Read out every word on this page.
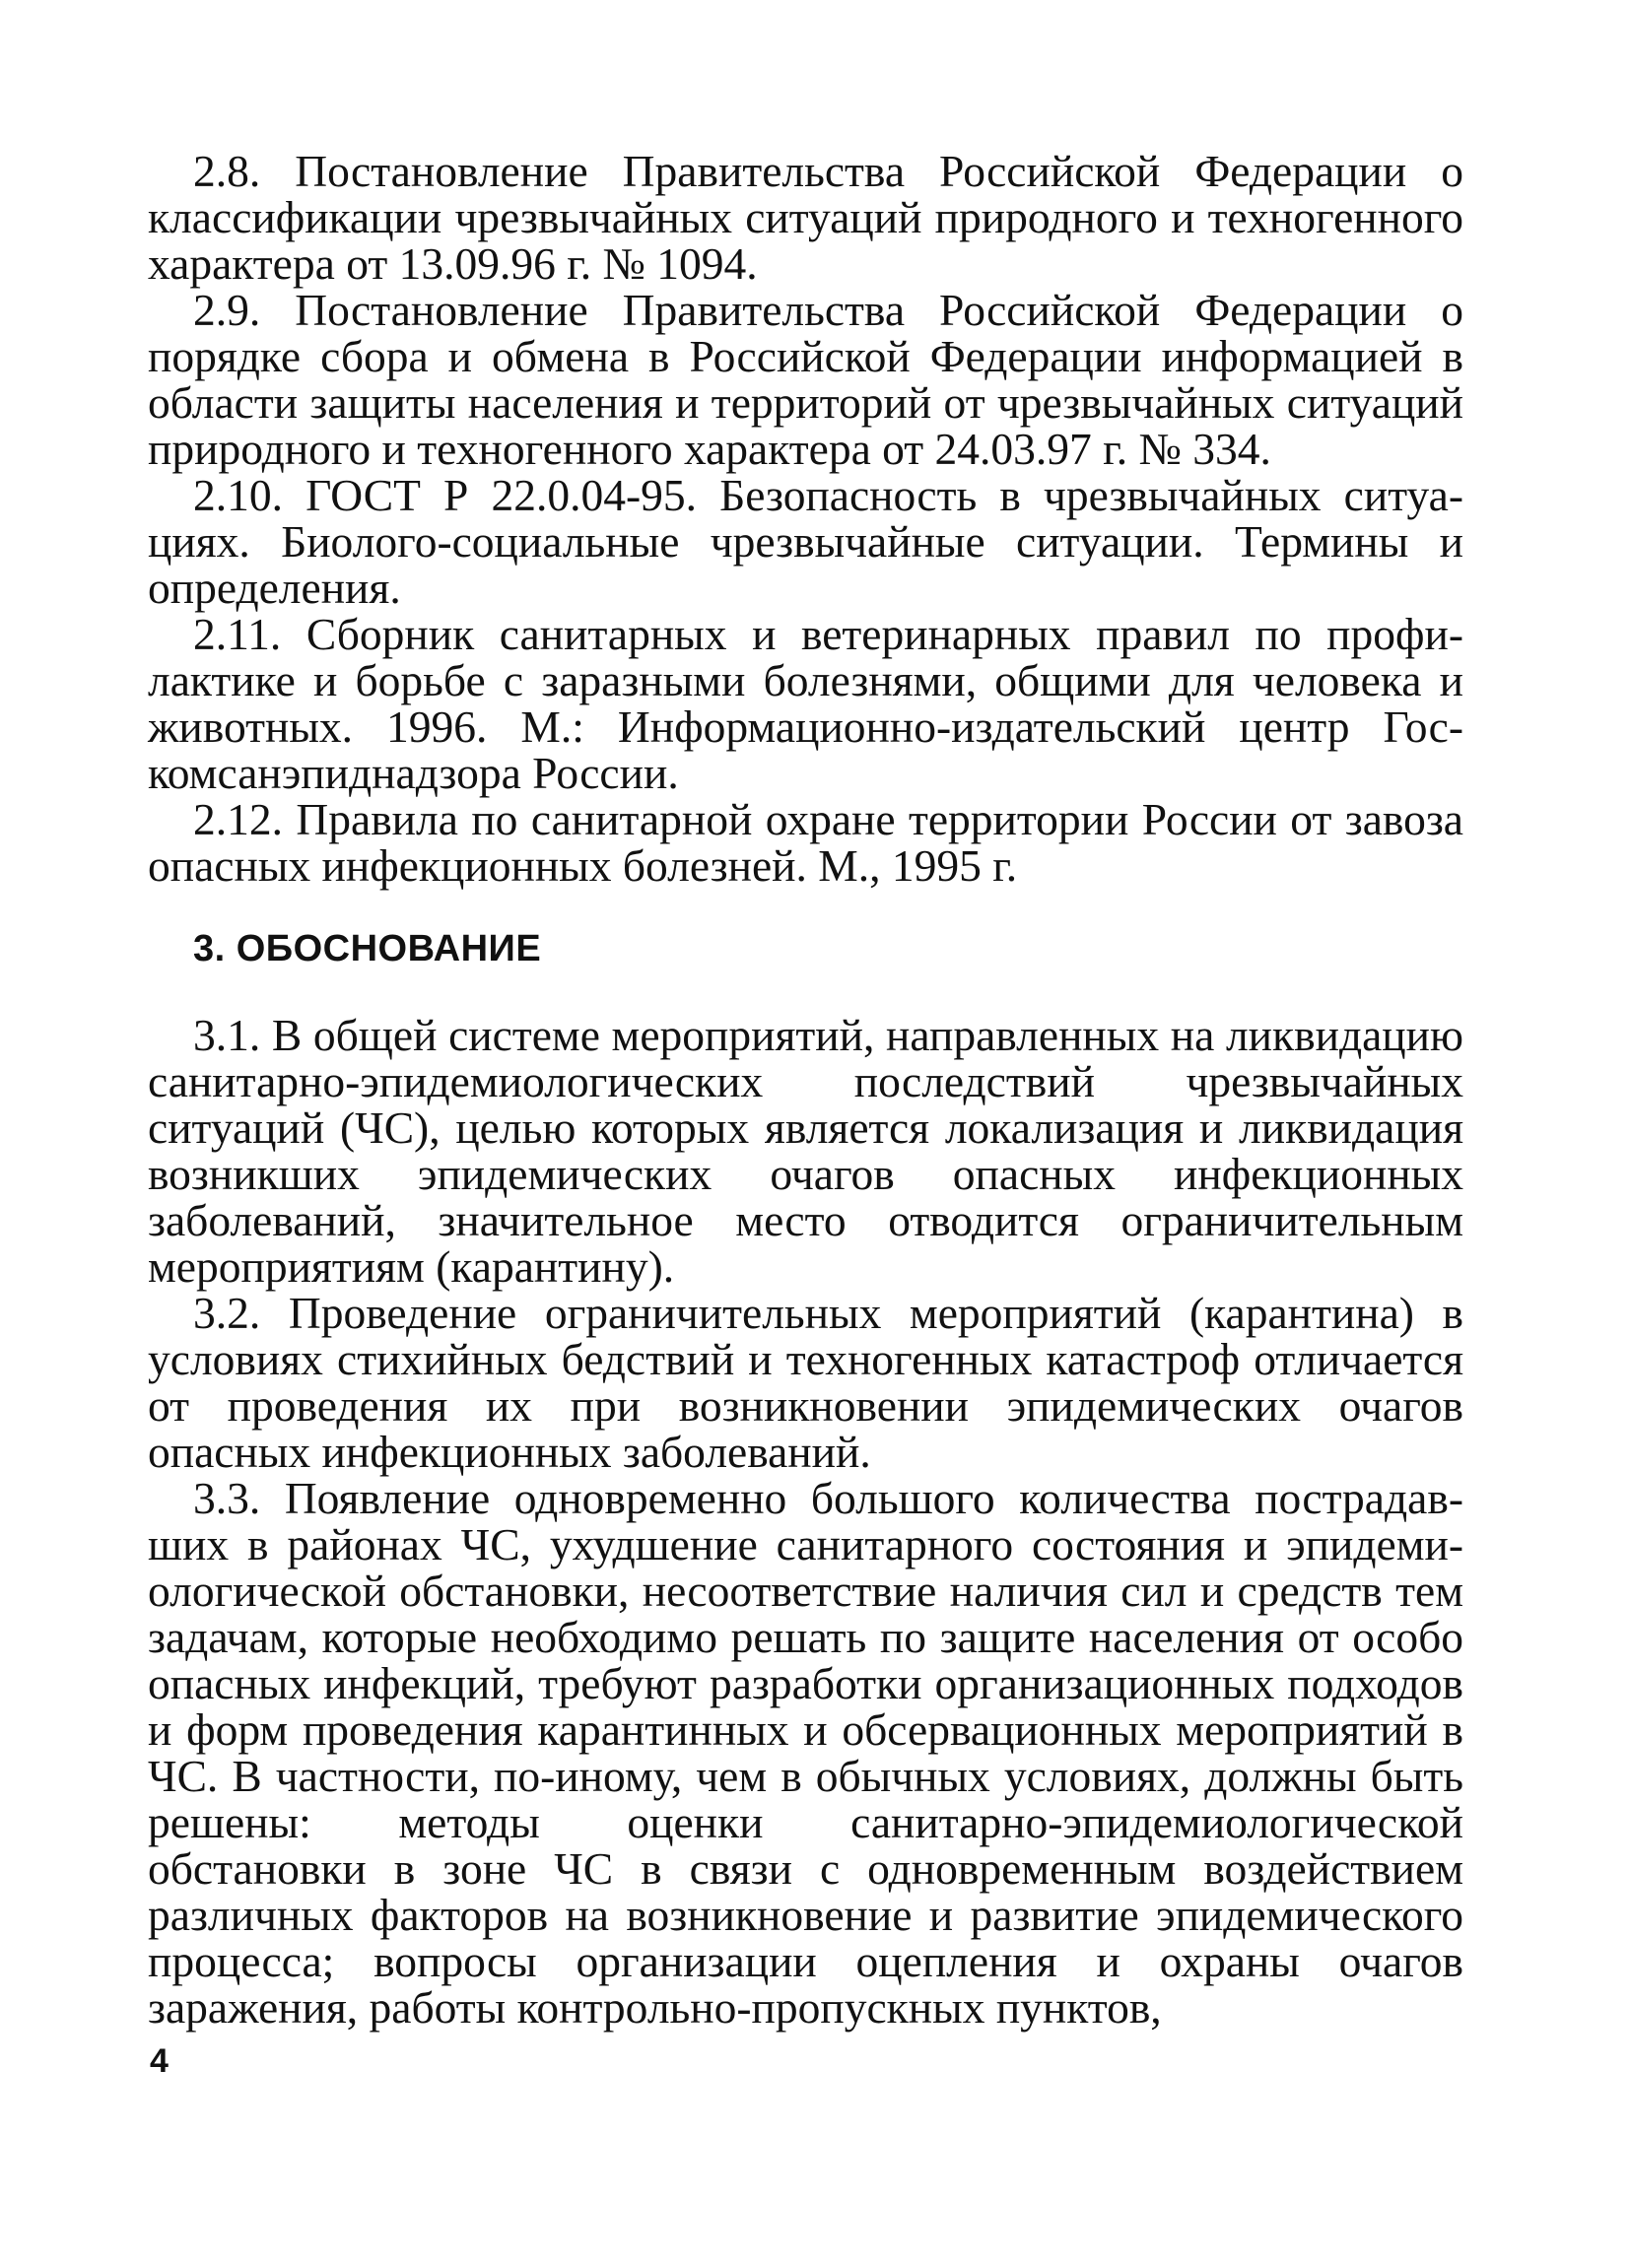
2.8. Постановление Правительства Российской Федерации о классификации чрезвычайных ситуаций природного и техногенного характера от 13.09.96 г. № 1094.

2.9. Постановление Правительства Российской Федерации о порядке сбора и обмена в Российской Федерации информацией в области защиты населения и территорий от чрезвычайных ситуаций природного и техногенного характера от 24.03.97 г. № 334.

2.10. ГОСТ Р 22.0.04-95. Безопасность в чрезвычайных ситуациях. Биолого-социальные чрезвычайные ситуации. Термины и определения.

2.11. Сборник санитарных и ветеринарных правил по профилактике и борьбе с заразными болезнями, общими для человека и животных. 1996. М.: Информационно-издательский центр Госкомсанэпиднадзора России.

2.12. Правила по санитарной охране территории России от завоза опасных инфекционных болезней. М., 1995 г.

3. ОБОСНОВАНИЕ

3.1. В общей системе мероприятий, направленных на ликвидацию санитарно-эпидемиологических последствий чрезвычайных ситуаций (ЧС), целью которых является локализация и ликвидация возникших эпидемических очагов опасных инфекционных заболеваний, значительное место отводится ограничительным мероприятиям (карантину).

3.2. Проведение ограничительных мероприятий (карантина) в условиях стихийных бедствий и техногенных катастроф отличается от проведения их при возникновении эпидемических очагов опасных инфекционных заболеваний.

3.3. Появление одновременно большого количества пострадавших в районах ЧС, ухудшение санитарного состояния и эпидемиологической обстановки, несоответствие наличия сил и средств тем задачам, которые необходимо решать по защите населения от особо опасных инфекций, требуют разработки организационных подходов и форм проведения карантинных и обсервационных мероприятий в ЧС. В частности, по-иному, чем в обычных условиях, должны быть решены: методы оценки санитарно-эпидемиологической обстановки в зоне ЧС в связи с одновременным воздействием различных факторов на возникновение и развитие эпидемического процесса; вопросы организации оцепления и охраны очагов заражения, работы контрольно-пропускных пунктов,

4
